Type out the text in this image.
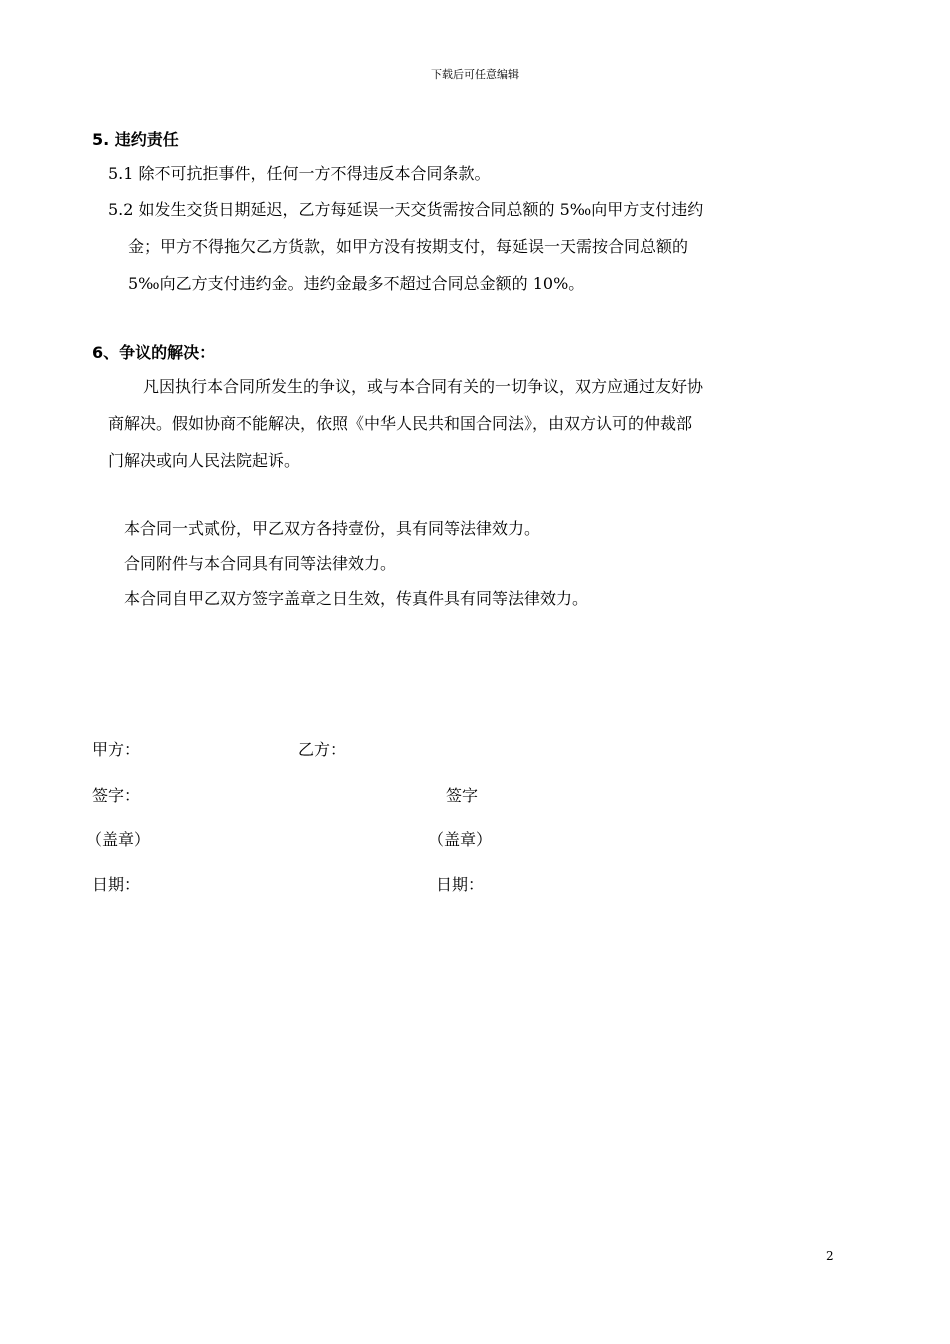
下载后可任意编辑
5. 违约责任
5.1 除不可抗拒事件，任何一方不得违反本合同条款。
5.2 如发生交货日期延迟，乙方每延误一天交货需按合同总额的 5‰向甲方支付违约
金；甲方不得拖欠乙方货款，如甲方没有按期支付，每延误一天需按合同总额的
5‰向乙方支付违约金。违约金最多不超过合同总金额的 10%。
6、争议的解决：
凡因执行本合同所发生的争议，或与本合同有关的一切争议，双方应通过友好协
商解决。假如协商不能解决，依照《中华人民共和国合同法》，由双方认可的仲裁部
门解决或向人民法院起诉。
本合同一式贰份，甲乙双方各持壹份，具有同等法律效力。
合同附件与本合同具有同等法律效力。
本合同自甲乙双方签字盖章之日生效，传真件具有同等法律效力。
甲方：	乙方：
签字：	签字
（盖章）	（盖章）
日期：	日期：
2
